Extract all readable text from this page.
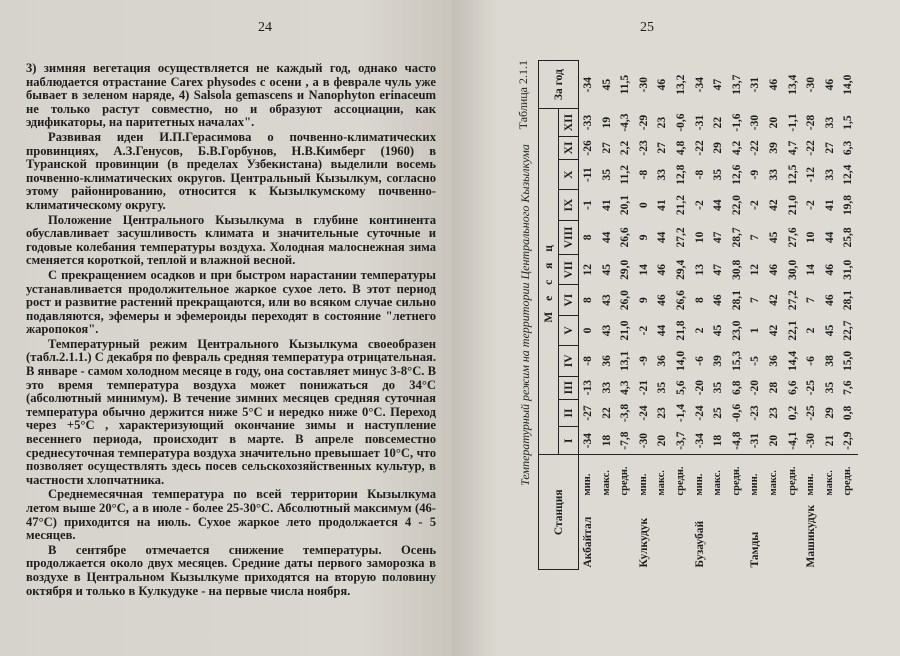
24

3) зимняя вегетация осуществляется не каждый год, однако часто наблюдается отрастание Carex physodes с осени , а в феврале чуль уже бывает в зеленом наряде, 4) Salsola gemascens и Nanophyton erinaceum не только растут совместно, но и образуют ассоциации, как эдификаторы, на паритетных началах".

Развивая идеи И.П.Герасимова о почвенно-климатических провинциях, А.З.Генусов, Б.В.Горбунов, Н.В.Кимберг (1960) в Туранской провинции (в пределах Узбекистана) выделили восемь почвенно-климатических округов. Центральный Кызылкум, согласно этому районированию, относится к Кызылкумскому почвенно-климатическому округу.

Положение Центрального Кызылкума в глубине континента обуславливает засушливость климата и значительные суточные и годовые колебания температуры воздуха. Холодная малоснежная зима сменяется короткой, теплой и влажной весной.

С прекращением осадков и при быстром нарастании температуры устанавливается продолжительное жаркое сухое лето. В этот период рост и развитие растений прекращаются, или во всяком случае сильно подавляются, эфемеры и эфемероиды переходят в состояние "летнего жаропокоя".

Температурный режим Центрального Кызылкума своеобразен (табл.2.1.1.) С декабря по февраль средняя температура отрицательная. В январе - самом холодном месяце в году, она составляет минус 3-8°С. В это время температура воздуха может понижаться до 34°С (абсолютный минимум). В течение зимних месяцев средняя суточная температура обычно держится ниже 5°С и нередко ниже 0°С. Переход через +5°С , характеризующий окончание зимы и наступление весеннего периода, происходит в марте. В апреле повсеместно среднесуточная температура воздуха значительно превышает 10°С, что позволяет осуществлять здесь посев сельскохозяйственных культур, в частности хлопчатника.

Среднемесячная температура по всей территории Кызылкума летом выше 20°С, а в июле - более 25-30°С. Абсолютный максимум (46-47°С) приходится на июль. Сухое жаркое лето продолжается 4 - 5 месяцев.

В сентябре отмечается снижение температуры. Осень продолжается около двух месяцев. Средние даты первого заморозка в воздухе в Центральном Кызылкуме приходятся на вторую половину октября и только в Кулкудуке - на первые числа ноября.

25
Таблица 2.1.1
Температурный режим на территории Центрального Кызылкума
Станция		М е с я ц												За год
		I	II	III	IV	V	VI	VII	VIII	IX	X	XI	XII	
Акбайтал	мин.	-34	-27	-13	-8	0	8	12	8	-1	-11	-26	-33	-34
	макс.	18	22	33	36	43	43	45	44	41	35	27	19	45
	средн.	-7,8	-3,8	4,3	13,1	21,0	26,0	29,0	26,6	20,1	11,2	2,2	-4,3	11,5
Кулкудук	мин.	-30	-24	-21	-9	-2	9	14	9	0	-8	-23	-29	-30
	макс.	20	23	35	36	44	46	46	44	41	33	27	23	46
	средн.	-3,7	-1,4	5,6	14,0	21,8	26,6	29,4	27,2	21,2	12,8	4,8	-0,6	13,2
Бузаубай	мин.	-34	-24	-20	-6	2	8	13	10	-2	-8	-22	-31	-34
	макс.	18	25	35	39	45	46	47	47	44	35	29	22	47
	средн.	-4,8	-0,6	6,8	15,3	23,0	28,1	30,8	28,7	22,0	12,6	4,2	-1,6	13,7
Тамды	мин.	-31	-23	-20	-5	1	7	12	7	-2	-9	-22	-30	-31
	макс.	20	23	28	36	42	42	46	45	42	33	39	20	46
	средн.	-4,1	0,2	6,6	14,4	22,1	27,2	30,0	27,6	21,0	12,5	4,7	-1,1	13,4
Машикудук	мин.	-30	-25	-25	-6	2	7	14	10	-2	-12	-22	-28	-30
	макс.	21	29	35	38	45	46	46	44	41	33	27	33	46
	средн.	-2,9	0,8	7,6	15,0	22,7	28,1	31,0	25,8	19,8	12,4	6,3	1,5	14,0
